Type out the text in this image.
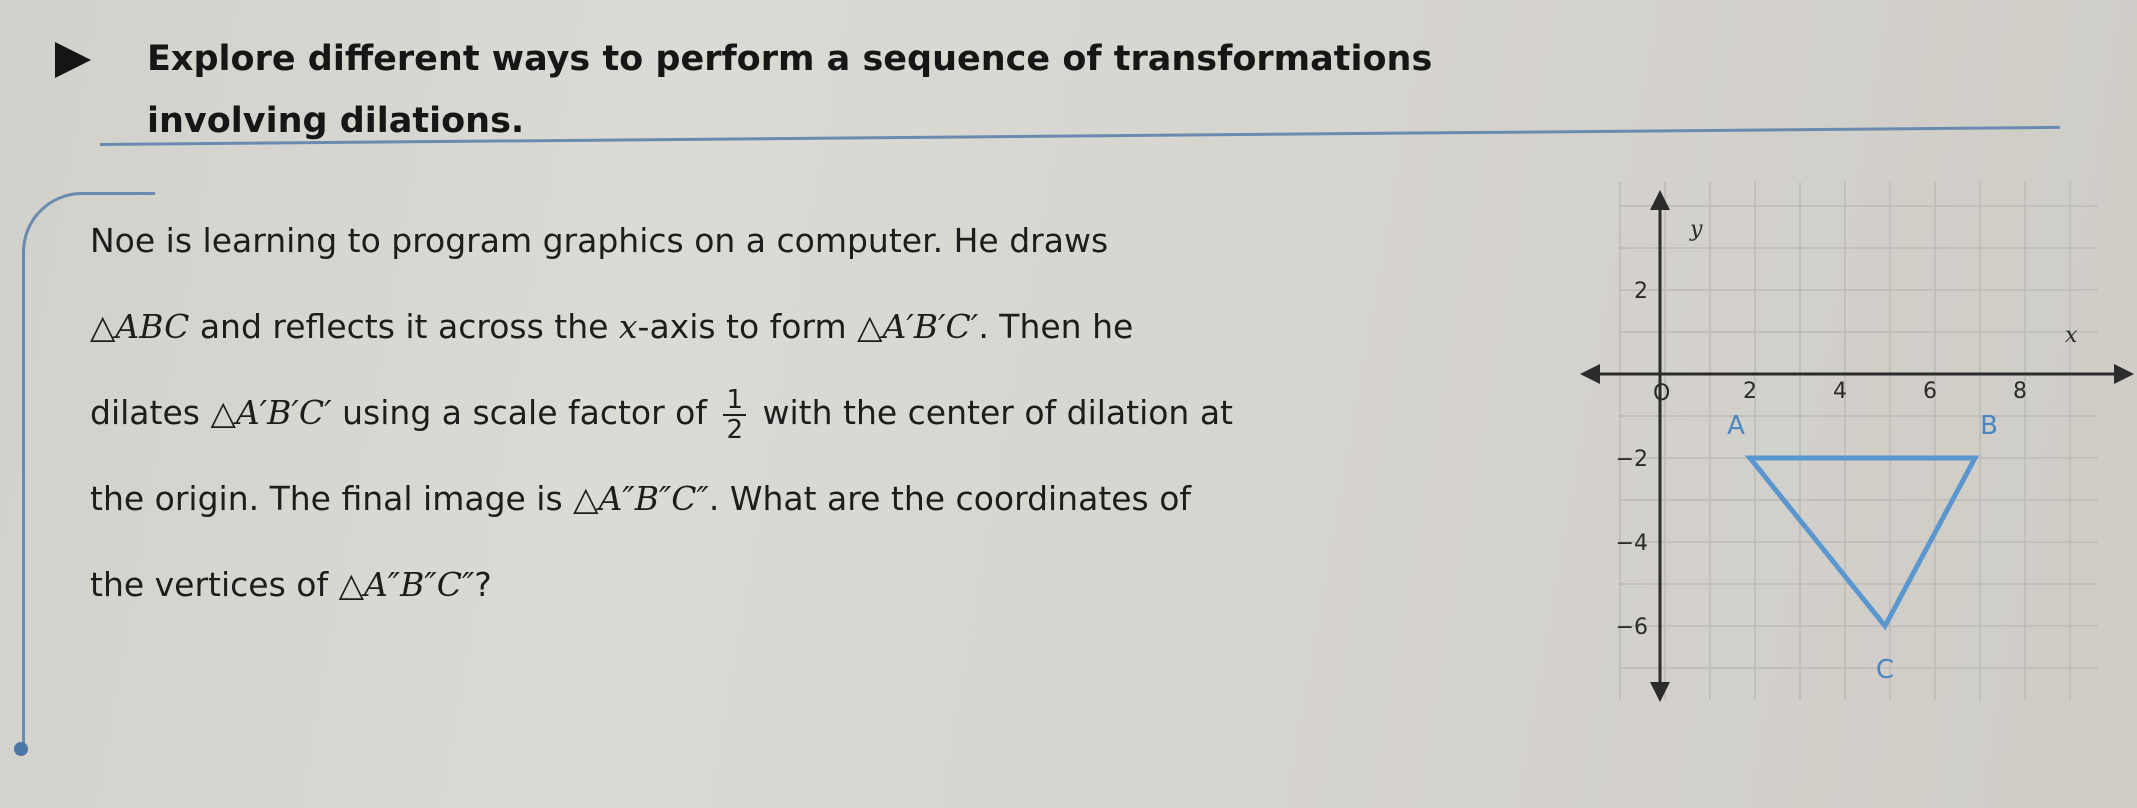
Explore different ways to perform a sequence of transformations
involving dilations.
Noe is learning to program graphics on a computer. He draws
△ABC and reflects it across the x-axis to form △A′B′C′. Then he
dilates △A′B′C′ using a scale factor of $\frac{1}{2}$ with the center of dilation at
the origin. The final image is △A″B″C″. What are the coordinates of
the vertices of △A″B″C″?
x
y
O	2	4	6	8
2
−2
−4
−6
A	B
C
